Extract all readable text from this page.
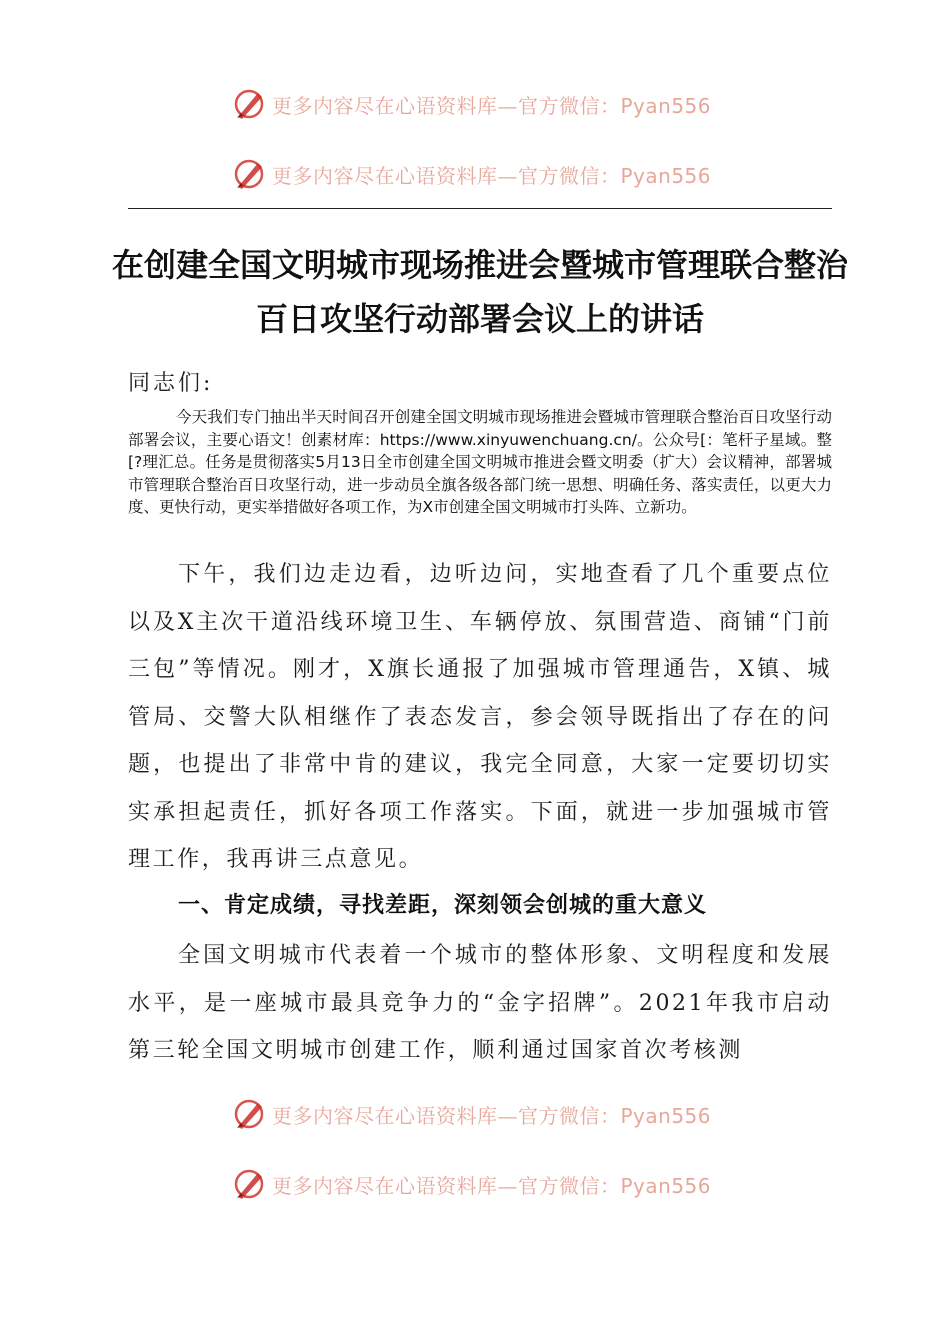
更多内容尽在心语资料库—官方微信：Pyan556
更多内容尽在心语资料库—官方微信：Pyan556
在创建全国文明城市现场推进会暨城市管理联合整治百日攻坚行动部署会议上的讲话
同志们:

今天我们专门抽出半天时间召开创建全国文明城市现场推进会暨城市管理联合整治百日攻坚行动部署会议，主要心语文！创素材库：https://www.xinyuwenchuang.cn/。公众号[：笔杆子星域。整[?理汇总。任务是贯彻落实5月13日全市创建全国文明城市推进会暨文明委（扩大）会议精神，部署城市管理联合整治百日攻坚行动，进一步动员全旗各级各部门统一思想、明确任务、落实责任，以更大力度、更快行动，更实举措做好各项工作，为X市创建全国文明城市打头阵、立新功。

下午，我们边走边看，边听边问，实地查看了几个重要点位以及X主次干道沿线环境卫生、车辆停放、氛围营造、商铺“门前三包”等情况。刚才，X旗长通报了加强城市管理通告，X镇、城管局、交警大队相继作了表态发言，参会领导既指出了存在的问题，也提出了非常中肯的建议，我完全同意，大家一定要切切实实承担起责任，抓好各项工作落实。下面，就进一步加强城市管理工作，我再讲三点意见。

一、肯定成绩，寻找差距，深刻领会创城的重大意义

全国文明城市代表着一个城市的整体形象、文明程度和发展水平，是一座城市最具竞争力的“金字招牌”。2021年我市启动第三轮全国文明城市创建工作，顺利通过国家首次考核测

更多内容尽在心语资料库—官方微信：Pyan556
更多内容尽在心语资料库—官方微信：Pyan556
